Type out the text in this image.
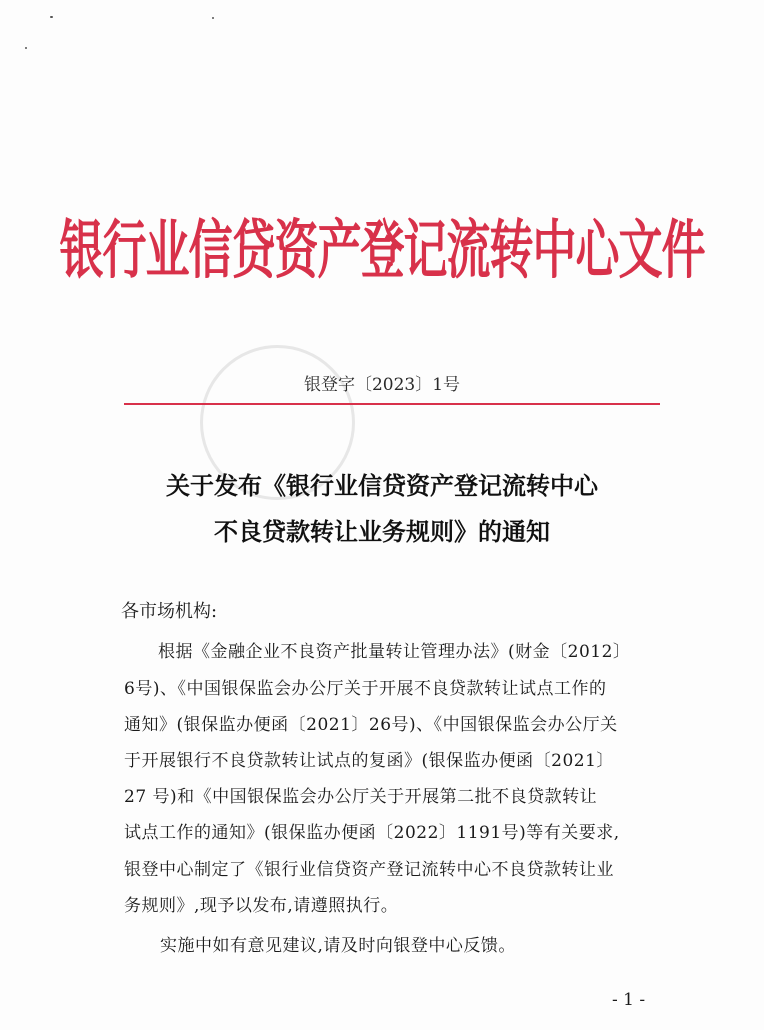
银行业信贷资产登记流转中心文件
银登字〔2023〕1号
关于发布《银行业信贷资产登记流转中心
不良贷款转让业务规则》的通知
各市场机构:
根据《金融企业不良资产批量转让管理办法》(财金〔2012〕
6号)、《中国银保监会办公厅关于开展不良贷款转让试点工作的
通知》(银保监办便函〔2021〕26号)、《中国银保监会办公厅关
于开展银行不良贷款转让试点的复函》(银保监办便函〔2021〕
27 号)和《中国银保监会办公厅关于开展第二批不良贷款转让
试点工作的通知》(银保监办便函〔2022〕1191号)等有关要求,
银登中心制定了《银行业信贷资产登记流转中心不良贷款转让业
务规则》,现予以发布,请遵照执行。
实施中如有意见建议,请及时向银登中心反馈。
- 1 -
